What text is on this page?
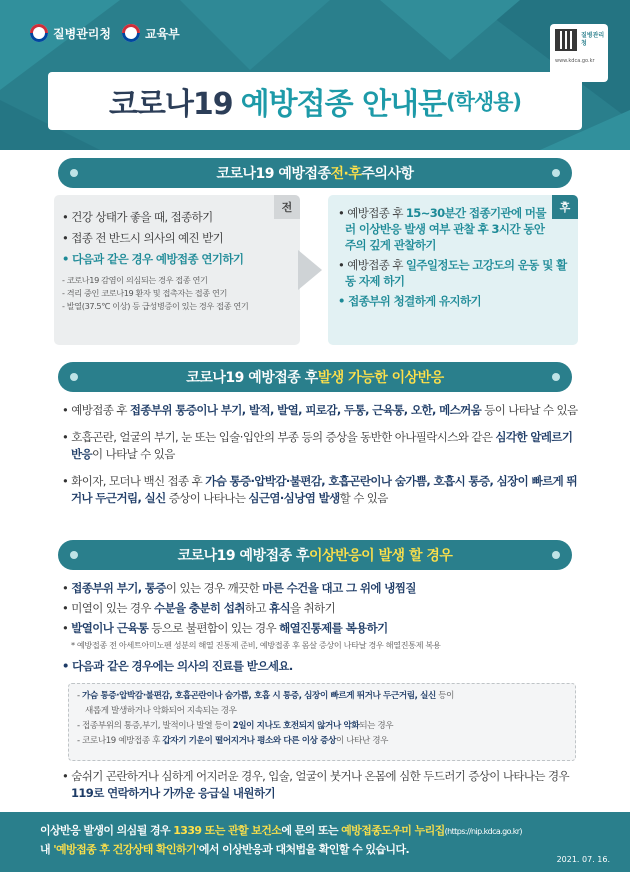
질병관리청	교육부	질병관리청
www.kdca.go.kr
코로나19 예방접종 안내문 (학생용)
코로나19 예방접종 전·후 주의사항
전
• 건강 상태가 좋을 때, 접종하기
• 접종 전 반드시 의사의 예진 받기
• 다음과 같은 경우 예방접종 연기하기
- 코로나19 감염이 의심되는 경우 접종 연기
- 격리 중인 코로나19 환자 및 접촉자는 접종 연기
- 발열(37.5℃ 이상) 등 급성병증이 있는 경우 접종 연기
후
• 예방접종 후 15~30분간 접종기관에 머물러 이상반응 발생 여부 관찰 후 3시간 동안 주의 깊게 관찰하기
• 예방접종 후 일주일정도는 고강도의 운동 및 활동 자제 하기
• 접종부위 청결하게 유지하기
코로나19 예방접종 후 발생 가능한 이상반응
• 예방접종 후 접종부위 통증이나 부기, 발적, 발열, 피로감, 두통, 근육통, 오한, 메스꺼움 등이 나타날 수 있음
• 호흡곤란, 얼굴의 부기, 눈 또는 입술·입안의 부종 등의 증상을 동반한 아나필락시스와 같은 심각한 알레르기 반응이 나타날 수 있음
• 화이자, 모더나 백신 접종 후 가슴 통증·압박감·불편감, 호흡곤란이나 숨가쁨, 호흡시 통증, 심장이 빠르게 뛰거나 두근거림, 실신 증상이 나타나는 심근염·심낭염 발생할 수 있음
코로나19 예방접종 후 이상반응이 발생 할 경우
• 접종부위 부기, 통증이 있는 경우 깨끗한 마른 수건을 대고 그 위에 냉찜질
• 미열이 있는 경우 수분을 충분히 섭취하고 휴식을 취하기
• 발열이나 근육통 등으로 불편함이 있는 경우 해열진통제를 복용하기
* 예방접종 전 아세트아미노펜 성분의 해열 진통제 준비, 예방접종 후 몸살 증상이 나타날 경우 해열진통제 복용
• 다음과 같은 경우에는 의사의 진료를 받으세요.
- 가슴 통증·압박감·불편감, 호흡곤란이나 숨가쁨, 호흡 시 통증, 심장이 빠르게 뛰거나 두근거림, 실신 등이
새롭게 발생하거나 악화되어 지속되는 경우
- 접종부위의 통증,부기, 발적이나 발열 등이 2일이 지나도 호전되지 않거나 악화되는 경우
- 코로나19 예방접종 후 갑자기 기운이 떨어지거나 평소와 다른 이상 증상이 나타난 경우
• 숨쉬기 곤란하거나 심하게 어지러운 경우, 입술, 얼굴이 붓거나 온몸에 심한 두드러기 증상이 나타나는 경우 119로 연락하거나 가까운 응급실 내원하기
이상반응 발생이 의심될 경우 1339 또는 관할 보건소에 문의 또는 예방접종도우미 누리집(https://nip.kdca.go.kr)
내 '예방접종 후 건강상태 확인하기'에서 이상반응과 대처법을 확인할 수 있습니다.
2021. 07. 16.
